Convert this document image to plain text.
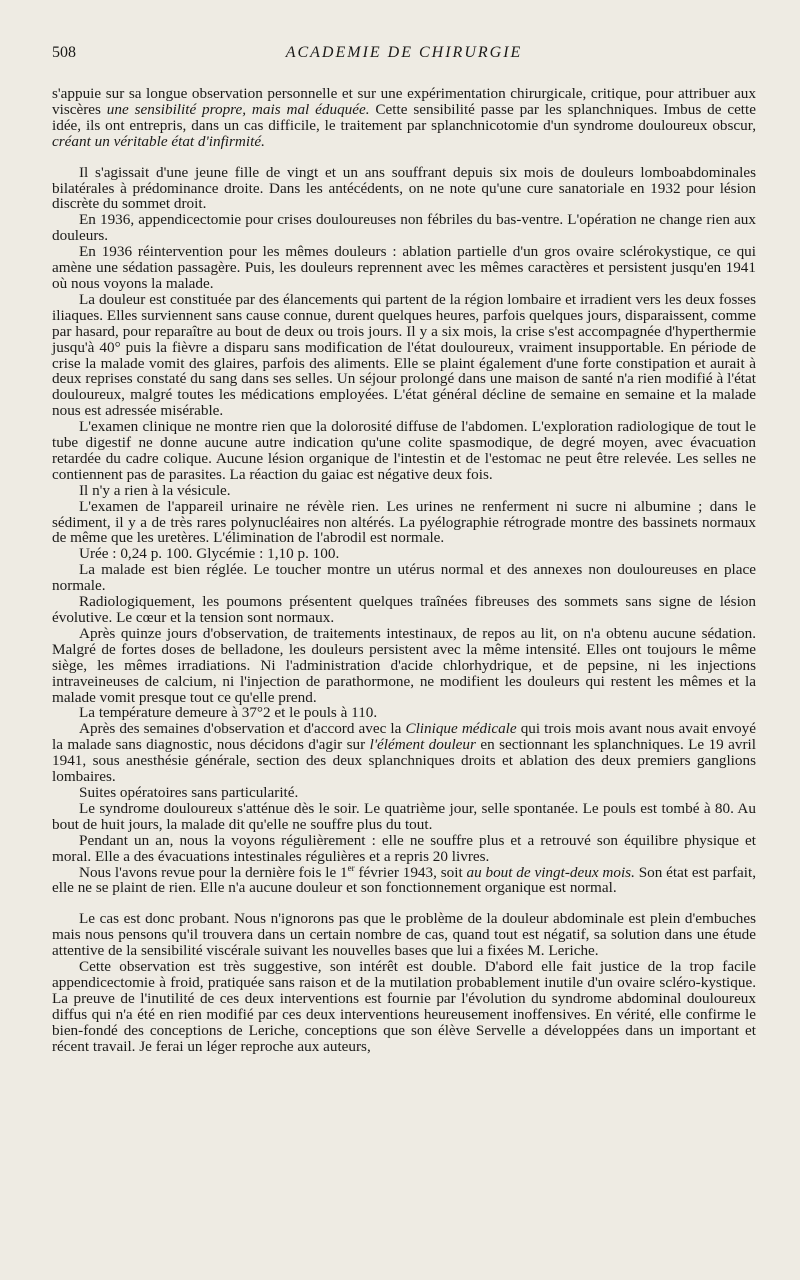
508	ACADEMIE DE CHIRURGIE

s'appuie sur sa longue observation personnelle et sur une expérimentation chirurgicale, critique, pour attribuer aux viscères une sensibilité propre, mais mal éduquée. Cette sensibilité passe par les splanchniques. Imbus de cette idée, ils ont entrepris, dans un cas difficile, le traitement par splanchnicotomie d'un syndrome douloureux obscur, créant un véritable état d'infirmité.

Il s'agissait d'une jeune fille de vingt et un ans souffrant depuis six mois de douleurs lomboabdominales bilatérales à prédominance droite. Dans les antécédents, on ne note qu'une cure sanatoriale en 1932 pour lésion discrète du sommet droit.

En 1936, appendicectomie pour crises douloureuses non fébriles du bas-ventre. L'opération ne change rien aux douleurs.

En 1936 réintervention pour les mêmes douleurs : ablation partielle d'un gros ovaire sclérokystique, ce qui amène une sédation passagère. Puis, les douleurs reprennent avec les mêmes caractères et persistent jusqu'en 1941 où nous voyons la malade.

La douleur est constituée par des élancements qui partent de la région lombaire et irradient vers les deux fosses iliaques. Elles surviennent sans cause connue, durent quelques heures, parfois quelques jours, disparaissent, comme par hasard, pour reparaître au bout de deux ou trois jours. Il y a six mois, la crise s'est accompagnée d'hyperthermie jusqu'à 40° puis la fièvre a disparu sans modification de l'état douloureux, vraiment insupportable. En période de crise la malade vomit des glaires, parfois des aliments. Elle se plaint également d'une forte constipation et aurait à deux reprises constaté du sang dans ses selles. Un séjour prolongé dans une maison de santé n'a rien modifié à l'état douloureux, malgré toutes les médications employées. L'état général décline de semaine en semaine et la malade nous est adressée misérable.

L'examen clinique ne montre rien que la dolorosité diffuse de l'abdomen. L'exploration radiologique de tout le tube digestif ne donne aucune autre indication qu'une colite spasmodique, de degré moyen, avec évacuation retardée du cadre colique. Aucune lésion organique de l'intestin et de l'estomac ne peut être relevée. Les selles ne contiennent pas de parasites. La réaction du gaiac est négative deux fois.

Il n'y a rien à la vésicule.

L'examen de l'appareil urinaire ne révèle rien. Les urines ne renferment ni sucre ni albumine ; dans le sédiment, il y a de très rares polynucléaires non altérés. La pyélographie rétrograde montre des bassinets normaux de même que les uretères. L'élimination de l'abrodil est normale.

Urée : 0,24 p. 100. Glycémie : 1,10 p. 100.

La malade est bien réglée. Le toucher montre un utérus normal et des annexes non douloureuses en place normale.

Radiologiquement, les poumons présentent quelques traînées fibreuses des sommets sans signe de lésion évolutive. Le cœur et la tension sont normaux.

Après quinze jours d'observation, de traitements intestinaux, de repos au lit, on n'a obtenu aucune sédation. Malgré de fortes doses de belladone, les douleurs persistent avec la même intensité. Elles ont toujours le même siège, les mêmes irradiations. Ni l'administration d'acide chlorhydrique, et de pepsine, ni les injections intraveineuses de calcium, ni l'injection de parathormone, ne modifient les douleurs qui restent les mêmes et la malade vomit presque tout ce qu'elle prend.

La température demeure à 37°2 et le pouls à 110.

Après des semaines d'observation et d'accord avec la Clinique médicale qui trois mois avant nous avait envoyé la malade sans diagnostic, nous décidons d'agir sur l'élément douleur en sectionnant les splanchniques. Le 19 avril 1941, sous anesthésie générale, section des deux splanchniques droits et ablation des deux premiers ganglions lombaires.

Suites opératoires sans particularité.

Le syndrome douloureux s'atténue dès le soir. Le quatrième jour, selle spontanée. Le pouls est tombé à 80. Au bout de huit jours, la malade dit qu'elle ne souffre plus du tout.

Pendant un an, nous la voyons régulièrement : elle ne souffre plus et a retrouvé son équilibre physique et moral. Elle a des évacuations intestinales régulières et a repris 20 livres.

Nous l'avons revue pour la dernière fois le 1er février 1943, soit au bout de vingt-deux mois. Son état est parfait, elle ne se plaint de rien. Elle n'a aucune douleur et son fonctionnement organique est normal.

Le cas est donc probant. Nous n'ignorons pas que le problème de la douleur abdominale est plein d'embuches mais nous pensons qu'il trouvera dans un certain nombre de cas, quand tout est négatif, sa solution dans une étude attentive de la sensibilité viscérale suivant les nouvelles bases que lui a fixées M. Leriche.

Cette observation est très suggestive, son intérêt est double. D'abord elle fait justice de la trop facile appendicectomie à froid, pratiquée sans raison et de la mutilation probablement inutile d'un ovaire scléro-kystique. La preuve de l'inutilité de ces deux interventions est fournie par l'évolution du syndrome abdominal douloureux diffus qui n'a été en rien modifié par ces deux interventions heureusement inoffensives. En vérité, elle confirme le bien-fondé des conceptions de Leriche, conceptions que son élève Servelle a développées dans un important et récent travail. Je ferai un léger reproche aux auteurs,
